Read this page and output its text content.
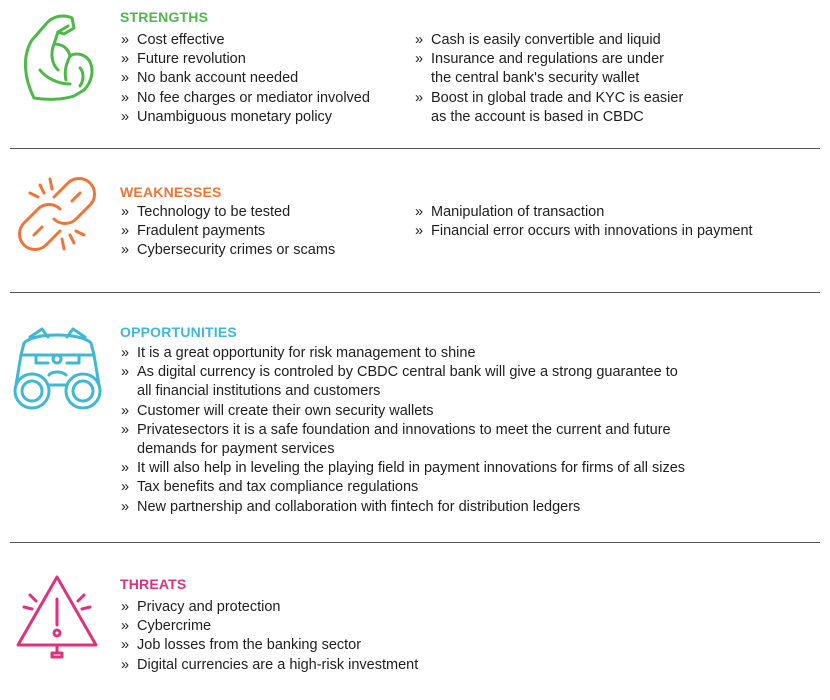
STRENGTHS
» Cost effective
» Future revolution
» No bank account needed
» No fee charges or mediator involved
» Unambiguous monetary policy
» Cash is easily convertible and liquid
» Insurance and regulations are under
the central bank's security wallet
» Boost in global trade and KYC is easier
as the account is based in CBDC
WEAKNESSES
» Technology to be tested
» Fradulent payments
» Cybersecurity crimes or scams
» Manipulation of transaction
» Financial error occurs with innovations in payment
OPPORTUNITIES
» It is a great opportunity for risk management to shine
» As digital currency is controled by CBDC central bank will give a strong guarantee to
all financial institutions and customers
» Customer will create their own security wallets
» Privatesectors it is a safe foundation and innovations to meet the current and future
demands for payment services
» It will also help in leveling the playing field in payment innovations for firms of all sizes
» Tax benefits and tax compliance regulations
» New partnership and collaboration with fintech for distribution ledgers
THREATS
» Privacy and protection
» Cybercrime
» Job losses from the banking sector
» Digital currencies are a high-risk investment
